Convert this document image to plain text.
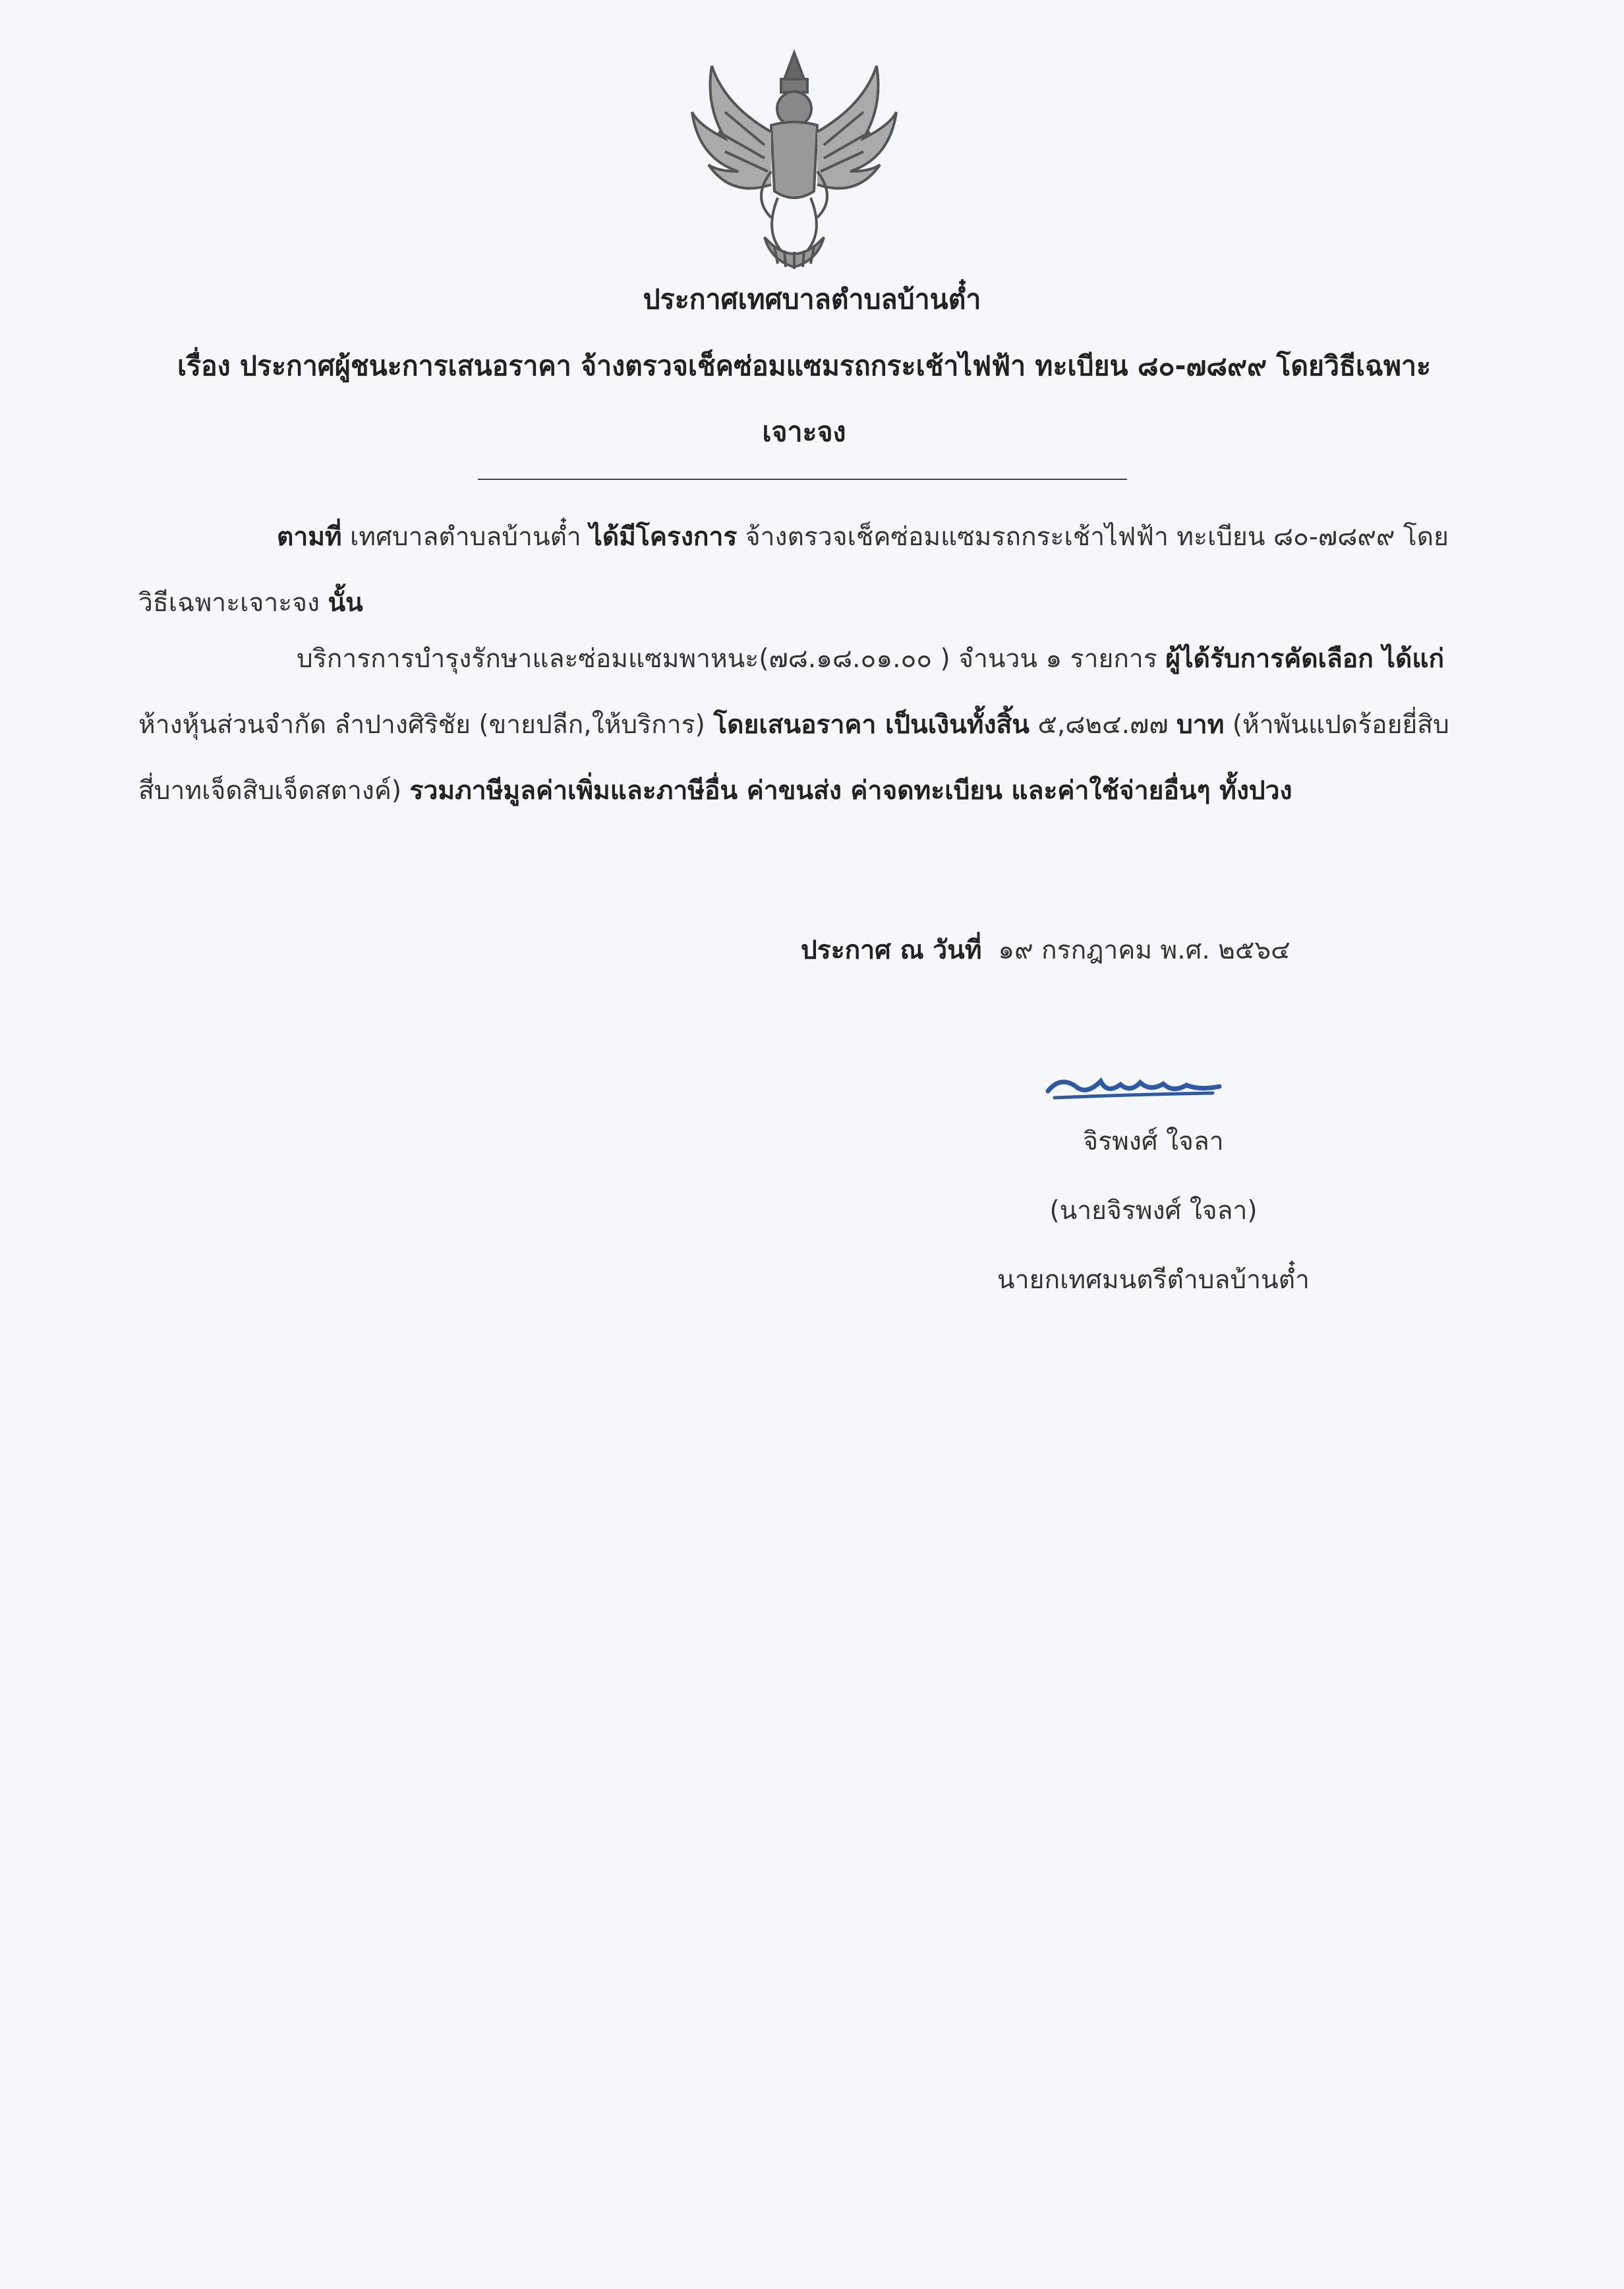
ประกาศเทศบาลตำบลบ้านต๋ำ
เรื่อง ประกาศผู้ชนะการเสนอราคา จ้างตรวจเช็คซ่อมแซมรถกระเช้าไฟฟ้า ทะเบียน ๘๐-๗๘๙๙ โดยวิธีเฉพาะ
เจาะจง
ตามที่ เทศบาลตำบลบ้านต๋ำ ได้มีโครงการ จ้างตรวจเช็คซ่อมแซมรถกระเช้าไฟฟ้า ทะเบียน ๘๐-๗๘๙๙ โดยวิธีเฉพาะเจาะจง นั้น
บริการการบำรุงรักษาและซ่อมแซมพาหนะ(๗๘.๑๘.๐๑.๐๐ ) จำนวน ๑ รายการ ผู้ได้รับการคัดเลือก ได้แก่ ห้างหุ้นส่วนจำกัด ลำปางศิริชัย (ขายปลีก,ให้บริการ) โดยเสนอราคา เป็นเงินทั้งสิ้น ๕,๘๒๔.๗๗ บาท (ห้าพันแปดร้อยยี่สิบสี่บาทเจ็ดสิบเจ็ดสตางค์) รวมภาษีมูลค่าเพิ่มและภาษีอื่น ค่าขนส่ง ค่าจดทะเบียน และค่าใช้จ่ายอื่นๆ ทั้งปวง
ประกาศ ณ วันที่ ๑๙ กรกฎาคม พ.ศ. ๒๕๖๔
จิรพงศ์ ใจลา
(นายจิรพงศ์ ใจลา)
นายกเทศมนตรีตำบลบ้านต๋ำ
